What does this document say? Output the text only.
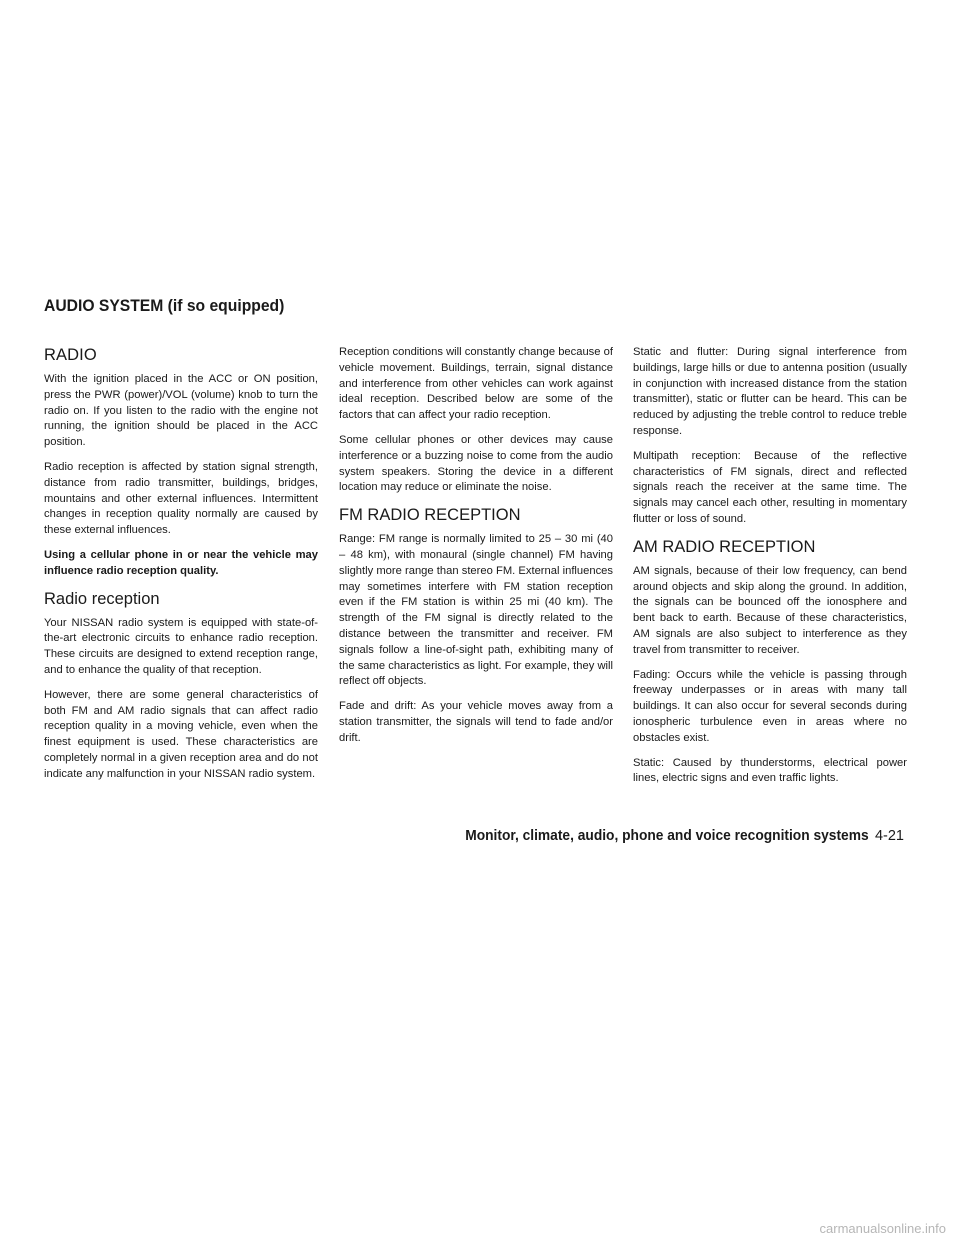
AUDIO SYSTEM (if so equipped)
RADIO

With the ignition placed in the ACC or ON position, press the PWR (power)/VOL (volume) knob to turn the radio on. If you listen to the radio with the engine not running, the ignition should be placed in the ACC position.

Radio reception is affected by station signal strength, distance from radio transmitter, buildings, bridges, mountains and other external influences. Intermittent changes in reception quality normally are caused by these external influences.

Using a cellular phone in or near the vehicle may influence radio reception quality.

Radio reception

Your NISSAN radio system is equipped with state-of-the-art electronic circuits to enhance radio reception. These circuits are designed to extend reception range, and to enhance the quality of that reception.

However, there are some general characteristics of both FM and AM radio signals that can affect radio reception quality in a moving vehicle, even when the finest equipment is used. These characteristics are completely normal in a given reception area and do not indicate any malfunction in your NISSAN radio system.

Reception conditions will constantly change because of vehicle movement. Buildings, terrain, signal distance and interference from other vehicles can work against ideal reception. Described below are some of the factors that can affect your radio reception.

Some cellular phones or other devices may cause interference or a buzzing noise to come from the audio system speakers. Storing the device in a different location may reduce or eliminate the noise.

FM RADIO RECEPTION

Range: FM range is normally limited to 25 – 30 mi (40 – 48 km), with monaural (single channel) FM having slightly more range than stereo FM. External influences may sometimes interfere with FM station reception even if the FM station is within 25 mi (40 km). The strength of the FM signal is directly related to the distance between the transmitter and receiver. FM signals follow a line-of-sight path, exhibiting many of the same characteristics as light. For example, they will reflect off objects.

Fade and drift: As your vehicle moves away from a station transmitter, the signals will tend to fade and/or drift.

Static and flutter: During signal interference from buildings, large hills or due to antenna position (usually in conjunction with increased distance from the station transmitter), static or flutter can be heard. This can be reduced by adjusting the treble control to reduce treble response.

Multipath reception: Because of the reflective characteristics of FM signals, direct and reflected signals reach the receiver at the same time. The signals may cancel each other, resulting in momentary flutter or loss of sound.

AM RADIO RECEPTION

AM signals, because of their low frequency, can bend around objects and skip along the ground. In addition, the signals can be bounced off the ionosphere and bent back to earth. Because of these characteristics, AM signals are also subject to interference as they travel from transmitter to receiver.

Fading: Occurs while the vehicle is passing through freeway underpasses or in areas with many tall buildings. It can also occur for several seconds during ionospheric turbulence even in areas where no obstacles exist.

Static: Caused by thunderstorms, electrical power lines, electric signs and even traffic lights.

Monitor, climate, audio, phone and voice recognition systems 4-21
carmanualsonline.info
